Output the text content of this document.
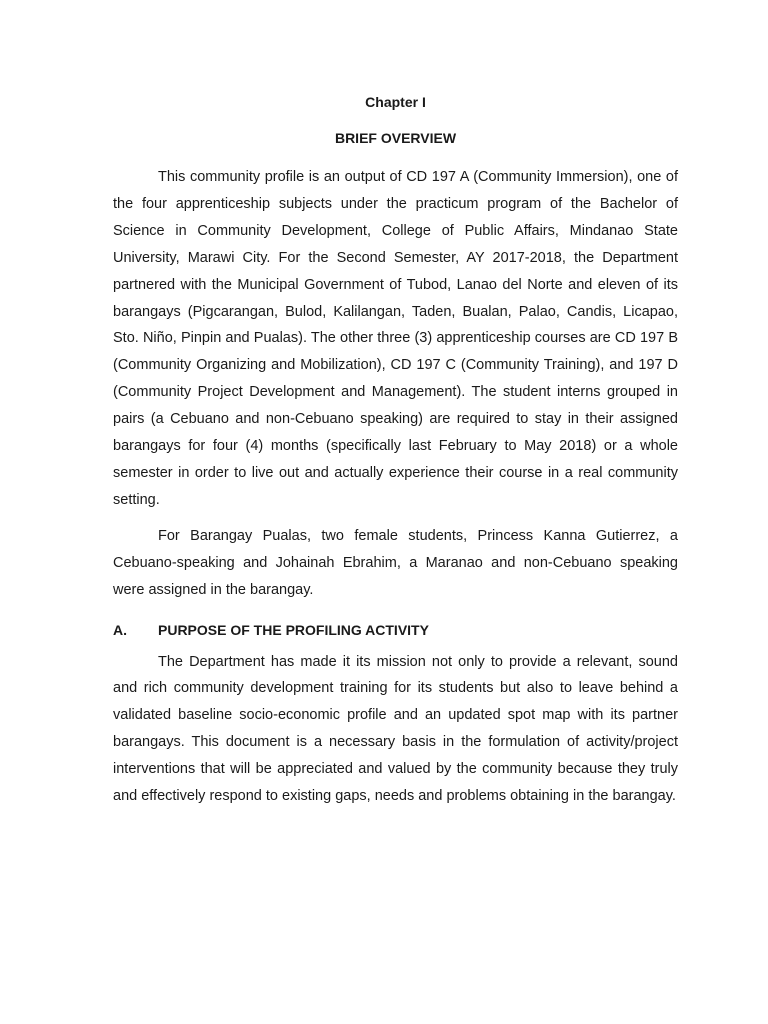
Chapter I
BRIEF OVERVIEW

This community profile is an output of CD 197 A (Community Immersion), one of the four apprenticeship subjects under the practicum program of the Bachelor of Science in Community Development, College of Public Affairs, Mindanao State University, Marawi City. For the Second Semester, AY 2017-2018, the Department partnered with the Municipal Government of Tubod, Lanao del Norte and eleven of its barangays (Pigcarangan, Bulod, Kalilangan, Taden, Bualan, Palao, Candis, Licapao, Sto. Niño, Pinpin and Pualas). The other three (3) apprenticeship courses are CD 197 B (Community Organizing and Mobilization), CD 197 C (Community Training), and 197 D (Community Project Development and Management). The student interns grouped in pairs (a Cebuano and non-Cebuano speaking) are required to stay in their assigned barangays for four (4) months (specifically last February to May 2018) or a whole semester in order to live out and actually experience their course in a real community setting.

For Barangay Pualas, two female students, Princess Kanna Gutierrez, a Cebuano-speaking and Johainah Ebrahim, a Maranao and non-Cebuano speaking were assigned in the barangay.

A.	PURPOSE OF THE PROFILING ACTIVITY

The Department has made it its mission not only to provide a relevant, sound and rich community development training for its students but also to leave behind a validated baseline socio-economic profile and an updated spot map with its partner barangays. This document is a necessary basis in the formulation of activity/project interventions that will be appreciated and valued by the community because they truly and effectively respond to existing gaps, needs and problems obtaining in the barangay.
